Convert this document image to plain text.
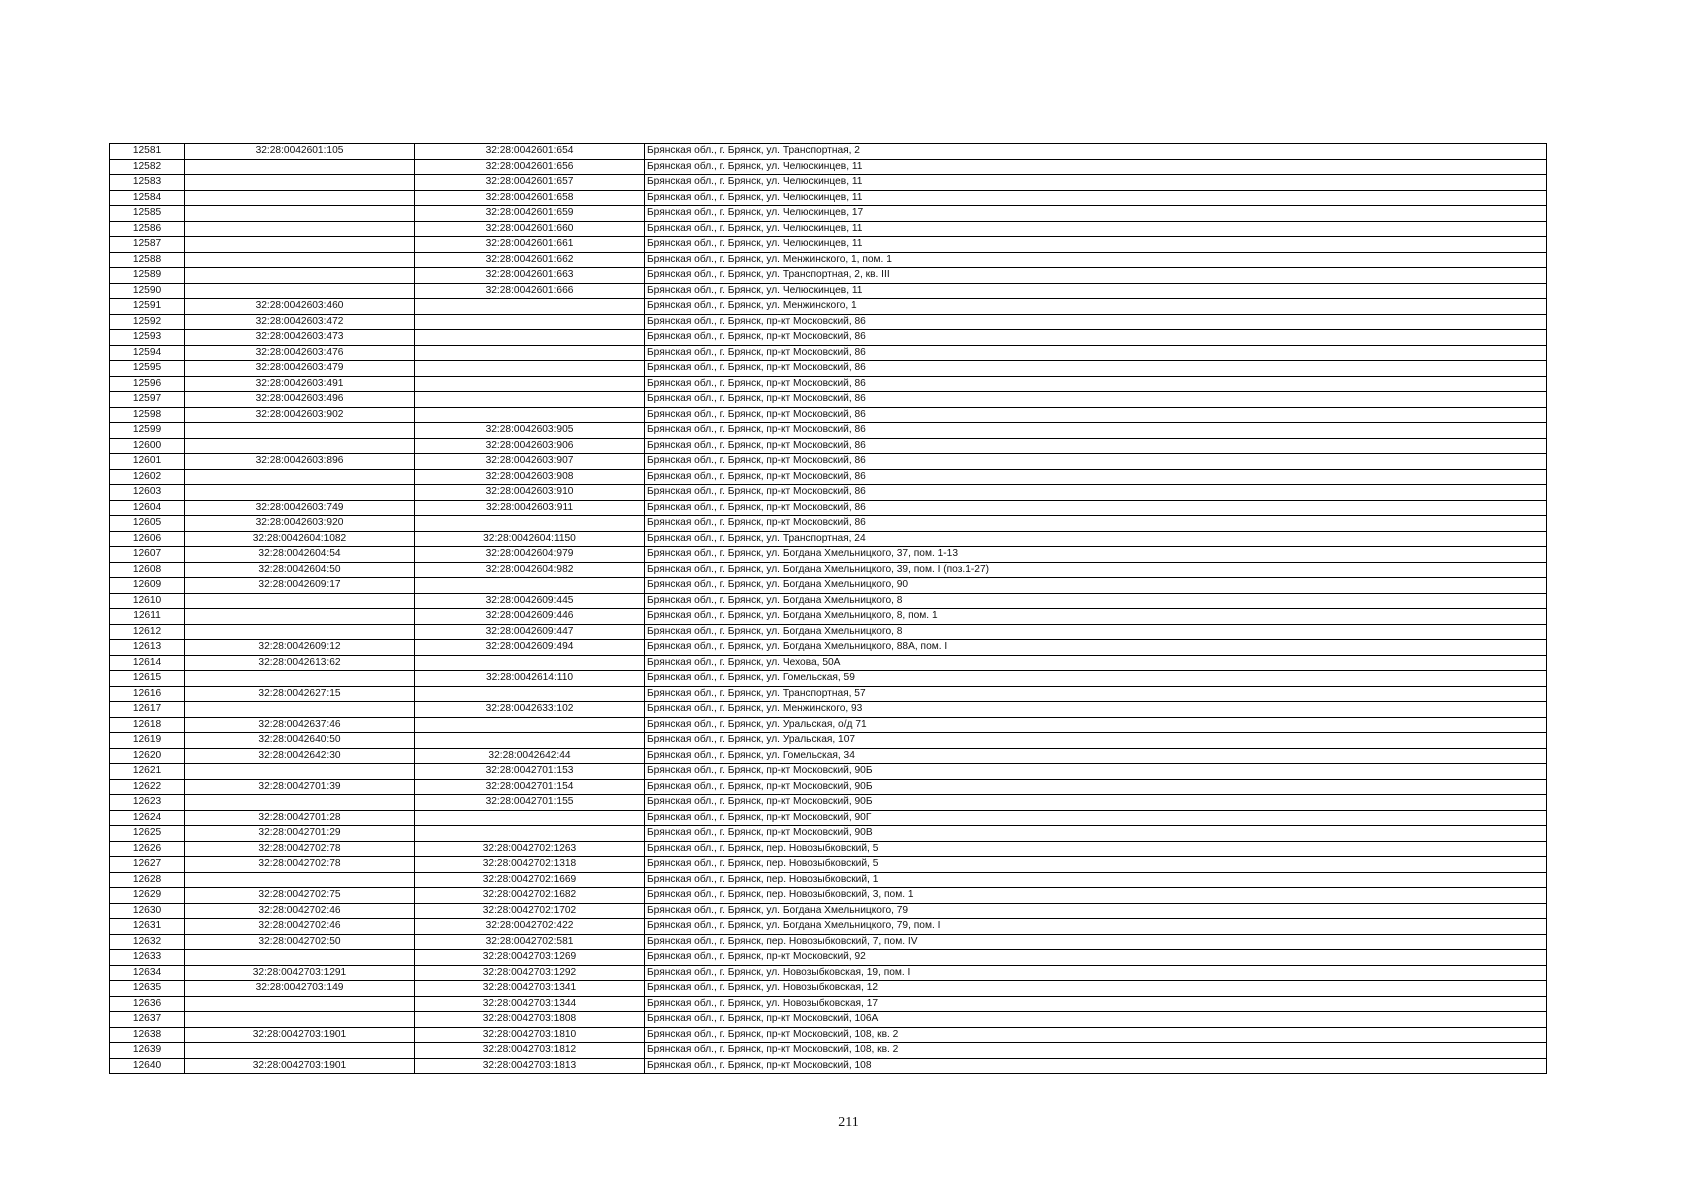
12581	32:28:0042601:105	32:28:0042601:654	Брянская обл., г. Брянск, ул. Транспортная, 2
12582		32:28:0042601:656	Брянская обл., г. Брянск, ул. Челюскинцев, 11
12583		32:28:0042601:657	Брянская обл., г. Брянск, ул. Челюскинцев, 11
12584		32:28:0042601:658	Брянская обл., г. Брянск, ул. Челюскинцев, 11
12585		32:28:0042601:659	Брянская обл., г. Брянск, ул. Челюскинцев, 17
12586		32:28:0042601:660	Брянская обл., г. Брянск, ул. Челюскинцев, 11
12587		32:28:0042601:661	Брянская обл., г. Брянск, ул. Челюскинцев, 11
12588		32:28:0042601:662	Брянская обл., г. Брянск, ул. Менжинского, 1, пом. 1
12589		32:28:0042601:663	Брянская обл., г. Брянск, ул. Транспортная, 2, кв. III
12590		32:28:0042601:666	Брянская обл., г. Брянск, ул. Челюскинцев, 11
12591	32:28:0042603:460		Брянская обл., г. Брянск, ул. Менжинского, 1
12592	32:28:0042603:472		Брянская обл., г. Брянск, пр-кт Московский, 86
12593	32:28:0042603:473		Брянская обл., г. Брянск, пр-кт Московский, 86
12594	32:28:0042603:476		Брянская обл., г. Брянск, пр-кт Московский, 86
12595	32:28:0042603:479		Брянская обл., г. Брянск, пр-кт Московский, 86
12596	32:28:0042603:491		Брянская обл., г. Брянск, пр-кт Московский, 86
12597	32:28:0042603:496		Брянская обл., г. Брянск, пр-кт Московский, 86
12598	32:28:0042603:902		Брянская обл., г. Брянск, пр-кт Московский, 86
12599		32:28:0042603:905	Брянская обл., г. Брянск, пр-кт Московский, 86
12600		32:28:0042603:906	Брянская обл., г. Брянск, пр-кт Московский, 86
12601	32:28:0042603:896	32:28:0042603:907	Брянская обл., г. Брянск, пр-кт Московский, 86
12602		32:28:0042603:908	Брянская обл., г. Брянск, пр-кт Московский, 86
12603		32:28:0042603:910	Брянская обл., г. Брянск, пр-кт Московский, 86
12604	32:28:0042603:749	32:28:0042603:911	Брянская обл., г. Брянск, пр-кт Московский, 86
12605	32:28:0042603:920		Брянская обл., г. Брянск, пр-кт Московский, 86
12606	32:28:0042604:1082	32:28:0042604:1150	Брянская обл., г. Брянск, ул. Транспортная, 24
12607	32:28:0042604:54	32:28:0042604:979	Брянская обл., г. Брянск, ул. Богдана Хмельницкого, 37, пом. 1-13
12608	32:28:0042604:50	32:28:0042604:982	Брянская обл., г. Брянск, ул. Богдана Хмельницкого, 39, пом. I (поз.1-27)
12609	32:28:0042609:17		Брянская обл., г. Брянск, ул. Богдана Хмельницкого, 90
12610		32:28:0042609:445	Брянская обл., г. Брянск, ул. Богдана Хмельницкого, 8
12611		32:28:0042609:446	Брянская обл., г. Брянск, ул. Богдана Хмельницкого, 8, пом. 1
12612		32:28:0042609:447	Брянская обл., г. Брянск, ул. Богдана Хмельницкого, 8
12613	32:28:0042609:12	32:28:0042609:494	Брянская обл., г. Брянск, ул. Богдана Хмельницкого, 88А, пом. I
12614	32:28:0042613:62		Брянская обл., г. Брянск, ул. Чехова, 50А
12615		32:28:0042614:110	Брянская обл., г. Брянск, ул. Гомельская, 59
12616	32:28:0042627:15		Брянская обл., г. Брянск, ул. Транспортная, 57
12617		32:28:0042633:102	Брянская обл., г. Брянск, ул. Менжинского, 93
12618	32:28:0042637:46		Брянская обл., г. Брянск, ул. Уральская, о/д 71
12619	32:28:0042640:50		Брянская обл., г. Брянск, ул. Уральская, 107
12620	32:28:0042642:30	32:28:0042642:44	Брянская обл., г. Брянск, ул. Гомельская, 34
12621		32:28:0042701:153	Брянская обл., г. Брянск, пр-кт Московский, 90Б
12622	32:28:0042701:39	32:28:0042701:154	Брянская обл., г. Брянск, пр-кт Московский, 90Б
12623		32:28:0042701:155	Брянская обл., г. Брянск, пр-кт Московский, 90Б
12624	32:28:0042701:28		Брянская обл., г. Брянск, пр-кт Московский, 90Г
12625	32:28:0042701:29		Брянская обл., г. Брянск, пр-кт Московский, 90В
12626	32:28:0042702:78	32:28:0042702:1263	Брянская обл., г. Брянск, пер. Новозыбковский, 5
12627	32:28:0042702:78	32:28:0042702:1318	Брянская обл., г. Брянск, пер. Новозыбковский, 5
12628		32:28:0042702:1669	Брянская обл., г. Брянск, пер. Новозыбковский, 1
12629	32:28:0042702:75	32:28:0042702:1682	Брянская обл., г. Брянск, пер. Новозыбковский, 3, пом. 1
12630	32:28:0042702:46	32:28:0042702:1702	Брянская обл., г. Брянск, ул. Богдана Хмельницкого, 79
12631	32:28:0042702:46	32:28:0042702:422	Брянская обл., г. Брянск, ул. Богдана Хмельницкого, 79, пом. I
12632	32:28:0042702:50	32:28:0042702:581	Брянская обл., г. Брянск, пер. Новозыбковский, 7, пом. IV
12633		32:28:0042703:1269	Брянская обл., г. Брянск, пр-кт Московский, 92
12634	32:28:0042703:1291	32:28:0042703:1292	Брянская обл., г. Брянск, ул. Новозыбковская, 19, пом. I
12635	32:28:0042703:149	32:28:0042703:1341	Брянская обл., г. Брянск, ул. Новозыбковская, 12
12636		32:28:0042703:1344	Брянская обл., г. Брянск, ул. Новозыбковская, 17
12637		32:28:0042703:1808	Брянская обл., г. Брянск, пр-кт Московский, 106А
12638	32:28:0042703:1901	32:28:0042703:1810	Брянская обл., г. Брянск, пр-кт Московский, 108, кв. 2
12639		32:28:0042703:1812	Брянская обл., г. Брянск, пр-кт Московский, 108, кв. 2
12640	32:28:0042703:1901	32:28:0042703:1813	Брянская обл., г. Брянск, пр-кт Московский, 108
211
